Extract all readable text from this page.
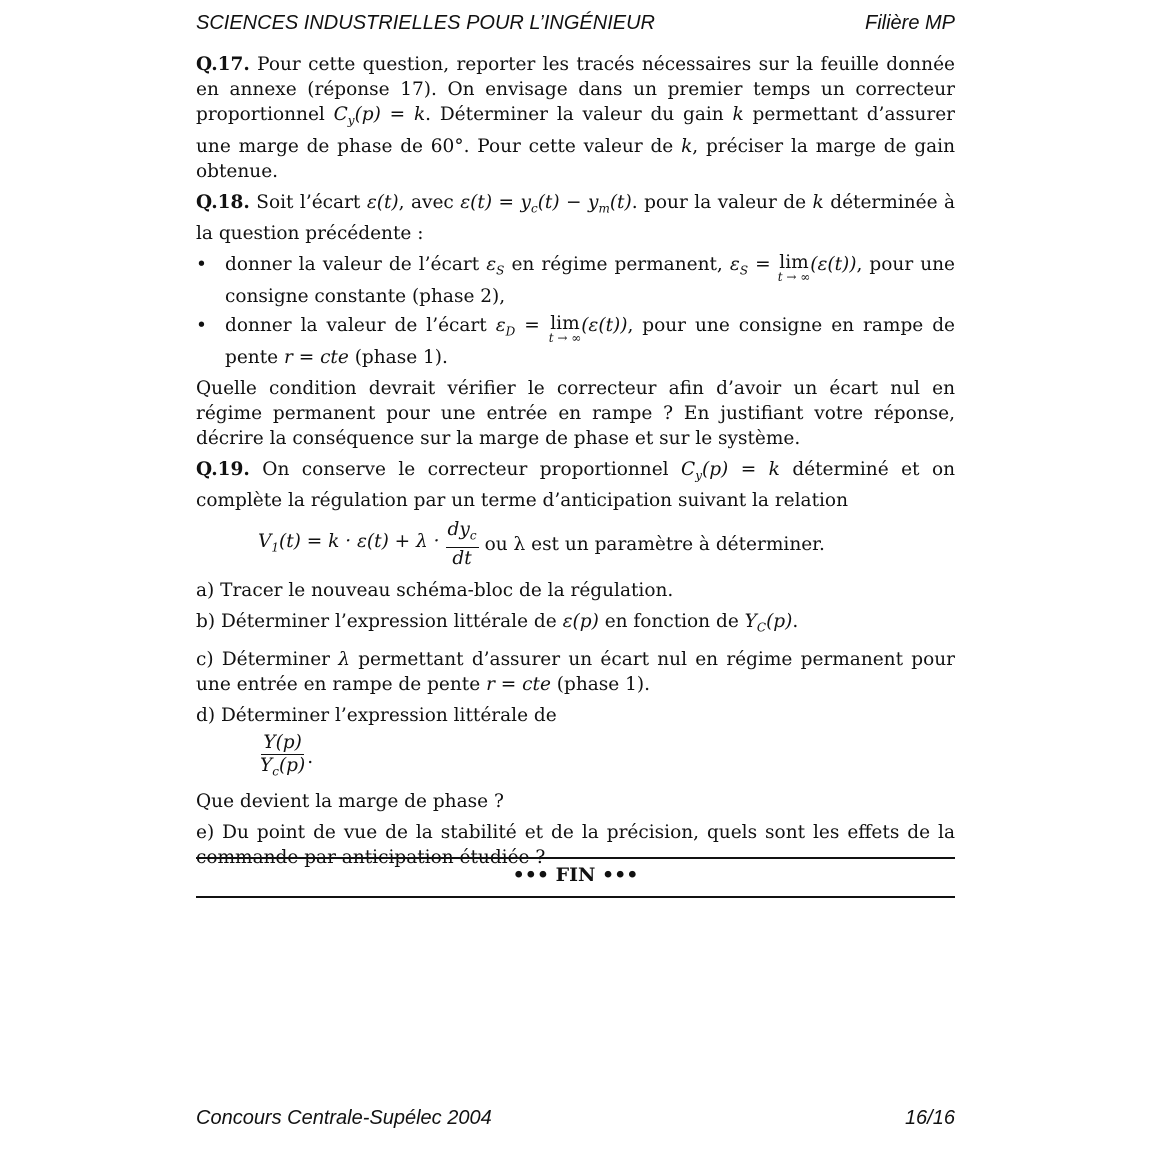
SCIENCES INDUSTRIELLES POUR L’INGÉNIEUR	Filière MP

Q.17. Pour cette question, reporter les tracés nécessaires sur la feuille donnée en annexe (réponse 17). On envisage dans un premier temps un correcteur proportionnel $C_y(p) = k$. Déterminer la valeur du gain k permettant d’assurer une marge de phase de 60°. Pour cette valeur de k, préciser la marge de gain obtenue.

Q.18. Soit l’écart ε(t), avec $\varepsilon(t) = y_c(t) - y_m(t)$. pour la valeur de k déterminée à la question précédente :

• donner la valeur de l’écart $\varepsilon_S$ en régime permanent, $\varepsilon_S = \lim$
t → ∞
(ε(t)), pour une consigne constante (phase 2),
• donner la valeur de l’écart $\varepsilon_D = \lim$
t → ∞
(ε(t)), pour une consigne en rampe de pente r = cte (phase 1).

Quelle condition devrait vérifier le correcteur afin d’avoir un écart nul en régime permanent pour une entrée en rampe ? En justifiant votre réponse, décrire la conséquence sur la marge de phase et sur le système.

Q.19. On conserve le correcteur proportionnel $C_y(p) = k$ déterminé et on complète la régulation par un terme d’anticipation suivant la relation

$V_1(t) = k \cdot \varepsilon(t) + \lambda \cdot \frac{dy_c}{dt}$ ou λ est un paramètre à déterminer.

a) Tracer le nouveau schéma-bloc de la régulation.

b) Déterminer l’expression littérale de ε(p) en fonction de $Y_C(p)$.

c) Déterminer λ permettant d’assurer un écart nul en régime permanent pour une entrée en rampe de pente r = cte (phase 1).

d) Déterminer l’expression littérale de

$\frac{Y(p)}{Y_c(p)}$ .

Que devient la marge de phase ?

e) Du point de vue de la stabilité et de la précision, quels sont les effets de la commande par anticipation étudiée ?

••• FIN •••
Concours Centrale-Supélec 2004	16/16
